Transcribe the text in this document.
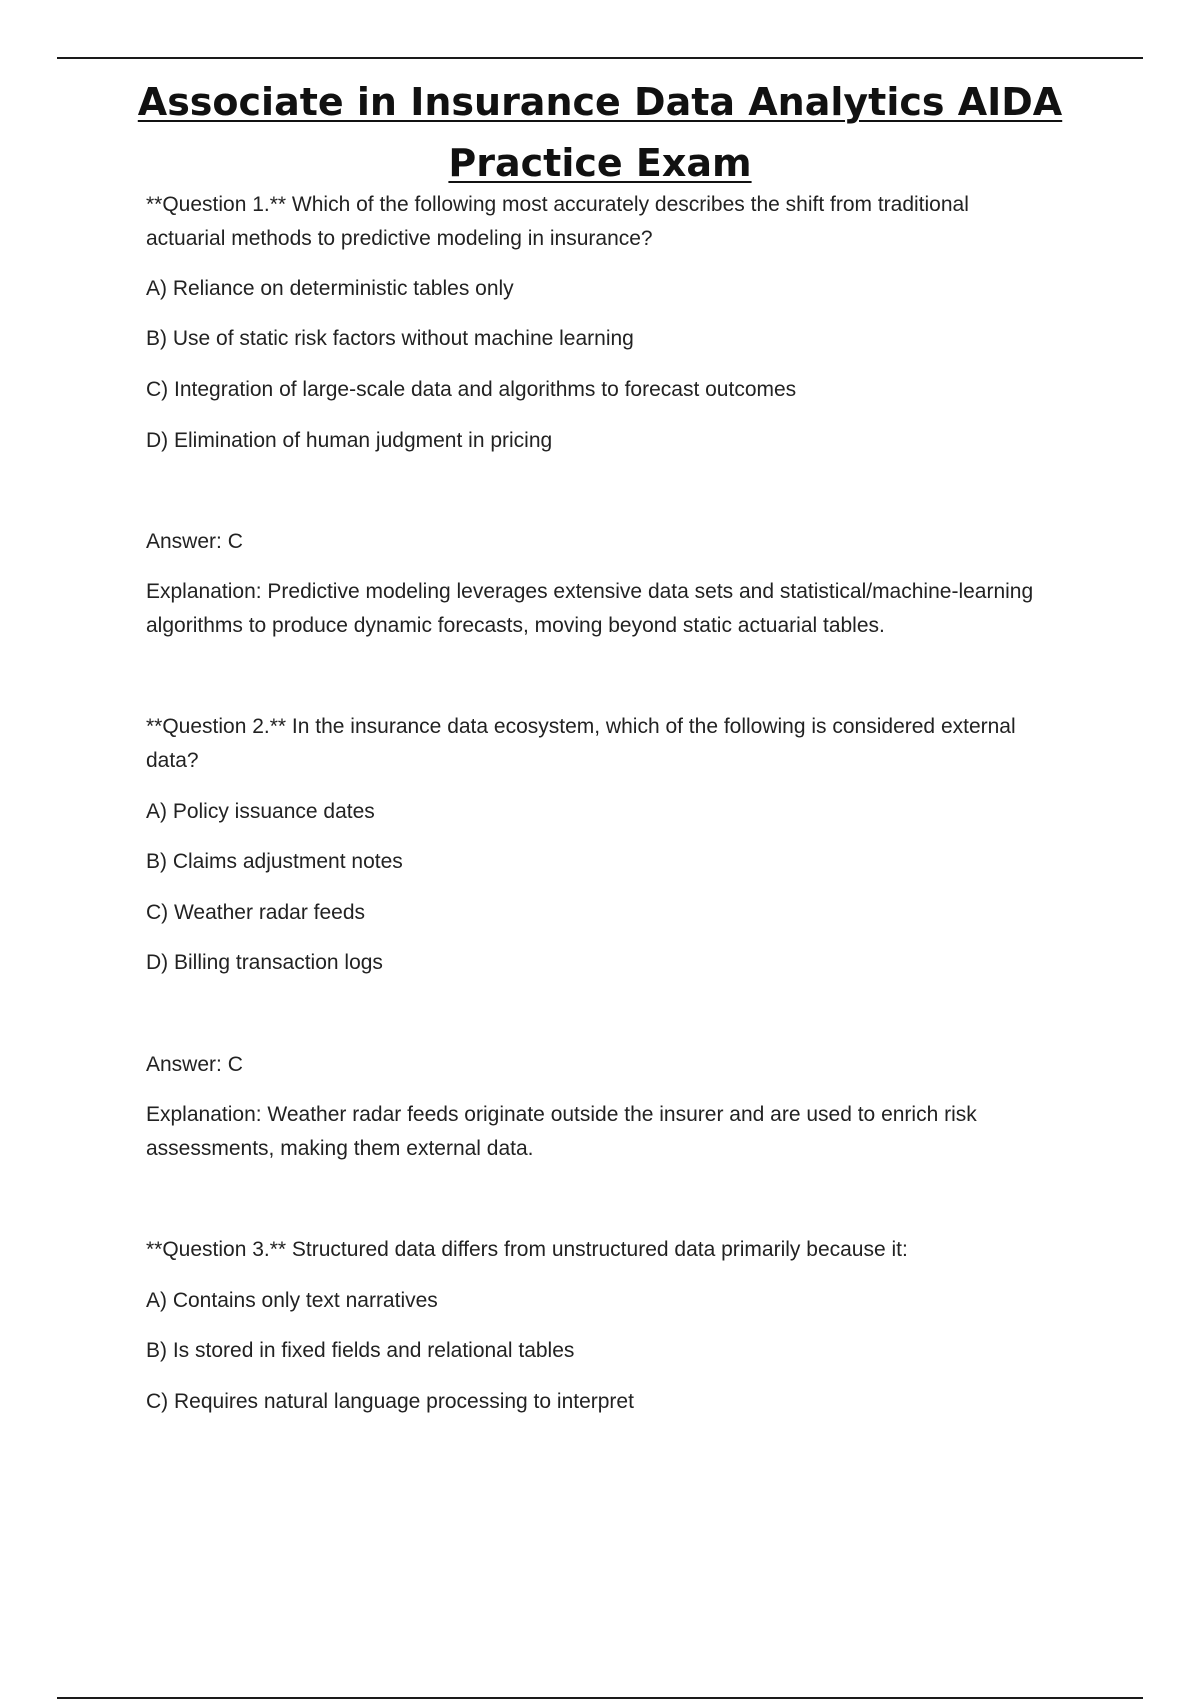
Associate in Insurance Data Analytics AIDA
Practice Exam
**Question 1.** Which of the following most accurately describes the shift from traditional
actuarial methods to predictive modeling in insurance?
A) Reliance on deterministic tables only
B) Use of static risk factors without machine learning
C) Integration of large-scale data and algorithms to forecast outcomes
D) Elimination of human judgment in pricing
Answer: C
Explanation: Predictive modeling leverages extensive data sets and statistical/machine-learning
algorithms to produce dynamic forecasts, moving beyond static actuarial tables.
**Question 2.** In the insurance data ecosystem, which of the following is considered external
data?
A) Policy issuance dates
B) Claims adjustment notes
C) Weather radar feeds
D) Billing transaction logs
Answer: C
Explanation: Weather radar feeds originate outside the insurer and are used to enrich risk
assessments, making them external data.
**Question 3.** Structured data differs from unstructured data primarily because it:
A) Contains only text narratives
B) Is stored in fixed fields and relational tables
C) Requires natural language processing to interpret
